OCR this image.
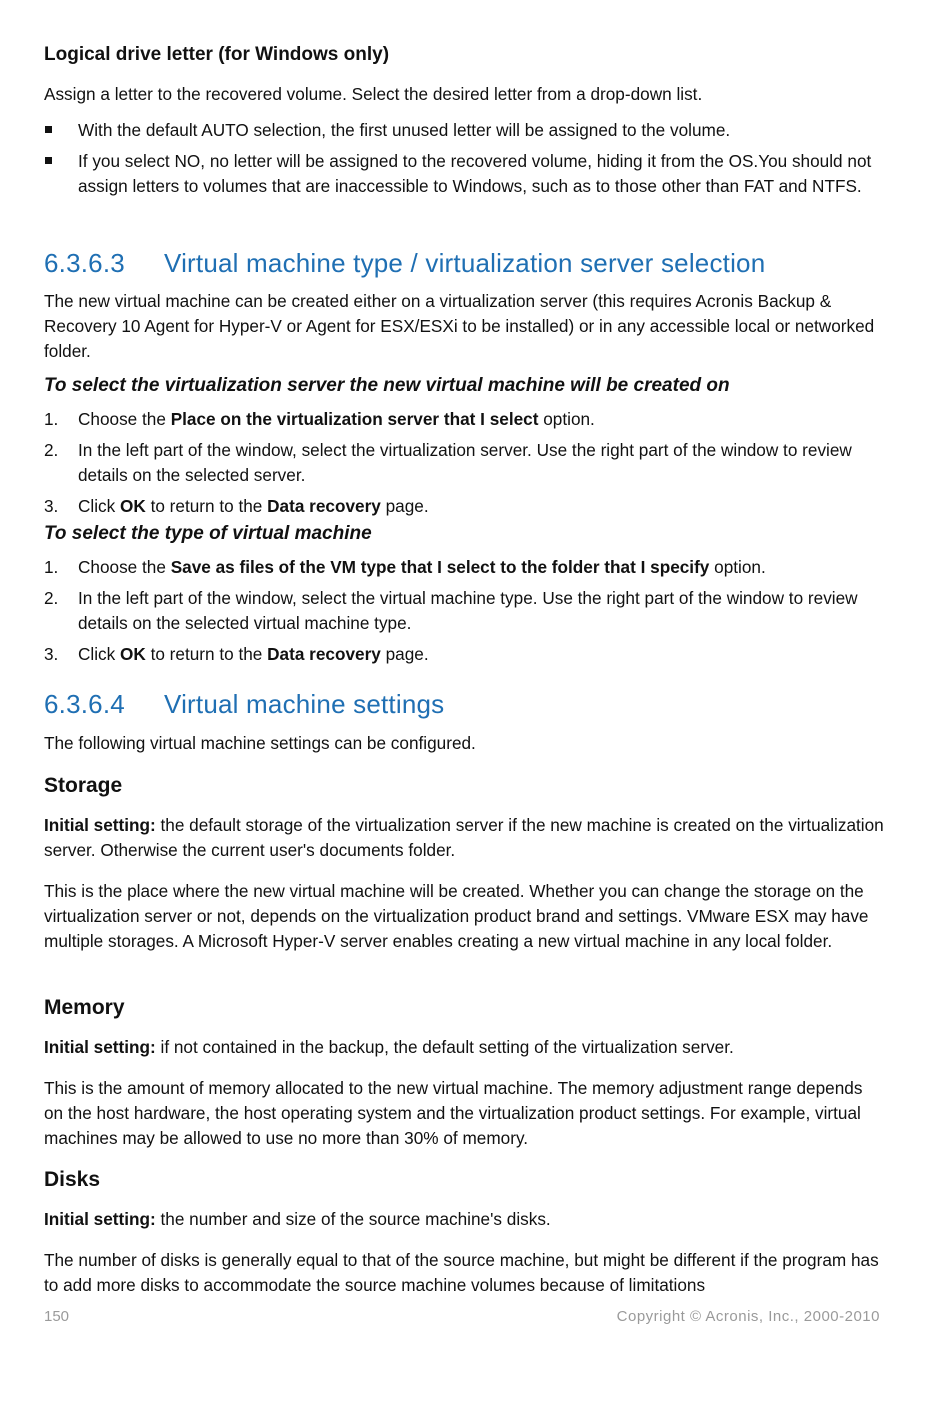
Logical drive letter (for Windows only)

Assign a letter to the recovered volume. Select the desired letter from a drop-down list.

With the default AUTO selection, the first unused letter will be assigned to the volume.
If you select NO, no letter will be assigned to the recovered volume, hiding it from the OS.You should not assign letters to volumes that are inaccessible to Windows, such as to those other than FAT and NTFS.
6.3.6.3 Virtual machine type / virtualization server selection

The new virtual machine can be created either on a virtualization server (this requires Acronis Backup & Recovery 10 Agent for Hyper-V or Agent for ESX/ESXi to be installed) or in any accessible local or networked folder.

To select the virtualization server the new virtual machine will be created on
1. Choose the Place on the virtualization server that I select option.
2. In the left part of the window, select the virtualization server. Use the right part of the window to review details on the selected server.
3. Click OK to return to the Data recovery page.
To select the type of virtual machine
1. Choose the Save as files of the VM type that I select to the folder that I specify option.
2. In the left part of the window, select the virtual machine type. Use the right part of the window to review details on the selected virtual machine type.
3. Click OK to return to the Data recovery page.
6.3.6.4 Virtual machine settings

The following virtual machine settings can be configured.

Storage

Initial setting: the default storage of the virtualization server if the new machine is created on the virtualization server. Otherwise the current user's documents folder.

This is the place where the new virtual machine will be created. Whether you can change the storage on the virtualization server or not, depends on the virtualization product brand and settings. VMware ESX may have multiple storages. A Microsoft Hyper-V server enables creating a new virtual machine in any local folder.

Memory

Initial setting: if not contained in the backup, the default setting of the virtualization server.

This is the amount of memory allocated to the new virtual machine. The memory adjustment range depends on the host hardware, the host operating system and the virtualization product settings. For example, virtual machines may be allowed to use no more than 30% of memory.

Disks

Initial setting: the number and size of the source machine's disks.

The number of disks is generally equal to that of the source machine, but might be different if the program has to add more disks to accommodate the source machine volumes because of limitations

150	Copyright © Acronis, Inc., 2000-2010
